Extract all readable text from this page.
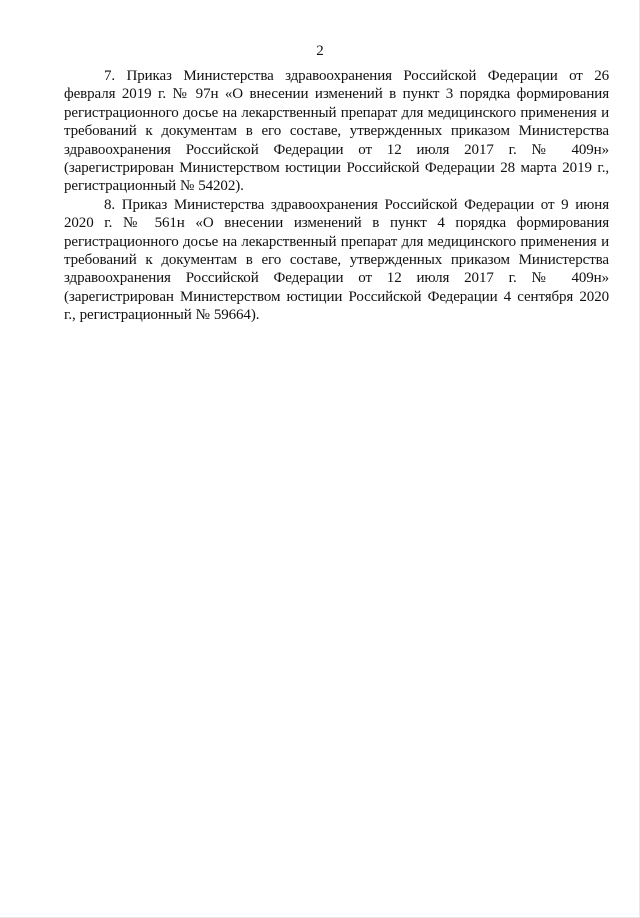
2

7. Приказ Министерства здравоохранения Российской Федерации от 26 февраля 2019 г. № 97н «О внесении изменений в пункт 3 порядка формирования регистрационного досье на лекарственный препарат для медицинского применения и требований к документам в его составе, утвержденных приказом Министерства здравоохранения Российской Федерации от 12 июля 2017 г. № 409н» (зарегистрирован Министерством юстиции Российской Федерации 28 марта 2019 г., регистрационный № 54202).

8. Приказ Министерства здравоохранения Российской Федерации от 9 июня 2020 г. № 561н «О внесении изменений в пункт 4 порядка формирования регистрационного досье на лекарственный препарат для медицинского применения и требований к документам в его составе, утвержденных приказом Министерства здравоохранения Российской Федерации от 12 июля 2017 г. № 409н» (зарегистрирован Министерством юстиции Российской Федерации 4 сентября 2020 г., регистрационный № 59664).
